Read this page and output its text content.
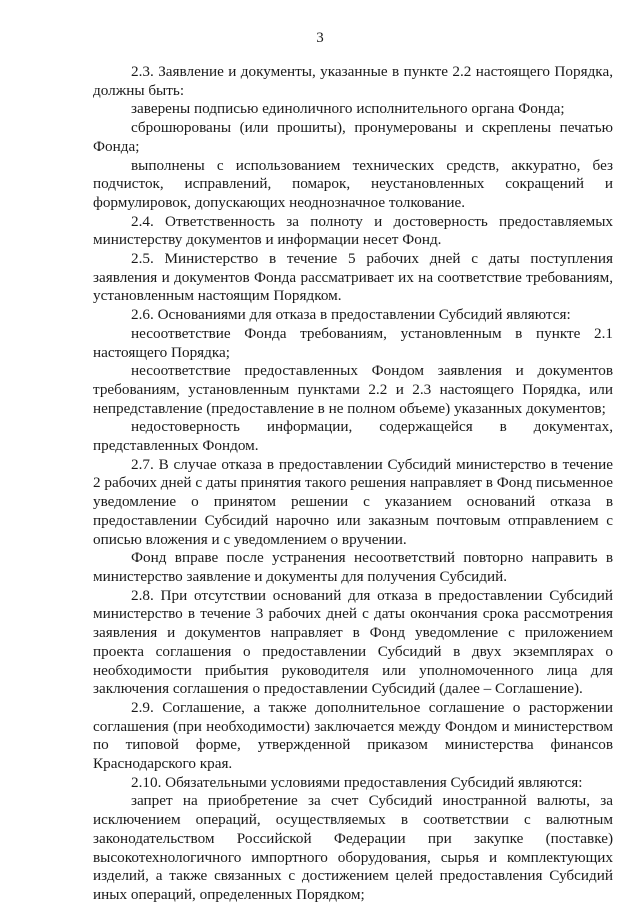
3

2.3. Заявление и документы, указанные в пункте 2.2 настоящего Порядка, должны быть:

заверены подписью единоличного исполнительного органа Фонда;

сброшюрованы (или прошиты), пронумерованы и скреплены печатью Фонда;

выполнены с использованием технических средств, аккуратно, без подчисток, исправлений, помарок, неустановленных сокращений и формулировок, допускающих неоднозначное толкование.

2.4. Ответственность за полноту и достоверность предоставляемых министерству документов и информации несет Фонд.

2.5. Министерство в течение 5 рабочих дней с даты поступления заявления и документов Фонда рассматривает их на соответствие требованиям, установленным настоящим Порядком.

2.6. Основаниями для отказа в предоставлении Субсидий являются:

несоответствие Фонда требованиям, установленным в пункте 2.1 настоящего Порядка;

несоответствие предоставленных Фондом заявления и документов требованиям, установленным пунктами 2.2 и 2.3 настоящего Порядка, или непредставление (предоставление в не полном объеме) указанных документов;

недостоверность информации, содержащейся в документах, представленных Фондом.

2.7. В случае отказа в предоставлении Субсидий министерство в течение 2 рабочих дней с даты принятия такого решения направляет в Фонд письменное уведомление о принятом решении с указанием оснований отказа в предоставлении Субсидий нарочно или заказным почтовым отправлением с описью вложения и с уведомлением о вручении.

Фонд вправе после устранения несоответствий повторно направить в министерство заявление и документы для получения Субсидий.

2.8. При отсутствии оснований для отказа в предоставлении Субсидий министерство в течение 3 рабочих дней с даты окончания срока рассмотрения заявления и документов направляет в Фонд уведомление с приложением проекта соглашения о предоставлении Субсидий в двух экземплярах о необходимости прибытия руководителя или уполномоченного лица для заключения соглашения о предоставлении Субсидий (далее – Соглашение).

2.9. Соглашение, а также дополнительное соглашение о расторжении соглашения (при необходимости) заключается между Фондом и министерством по типовой форме, утвержденной приказом министерства финансов Краснодарского края.

2.10. Обязательными условиями предоставления Субсидий являются:

запрет на приобретение за счет Субсидий иностранной валюты, за исключением операций, осуществляемых в соответствии с валютным законодательством Российской Федерации при закупке (поставке) высокотехнологичного импортного оборудования, сырья и комплектующих изделий, а также связанных с достижением целей предоставления Субсидий иных операций, определенных Порядком;
